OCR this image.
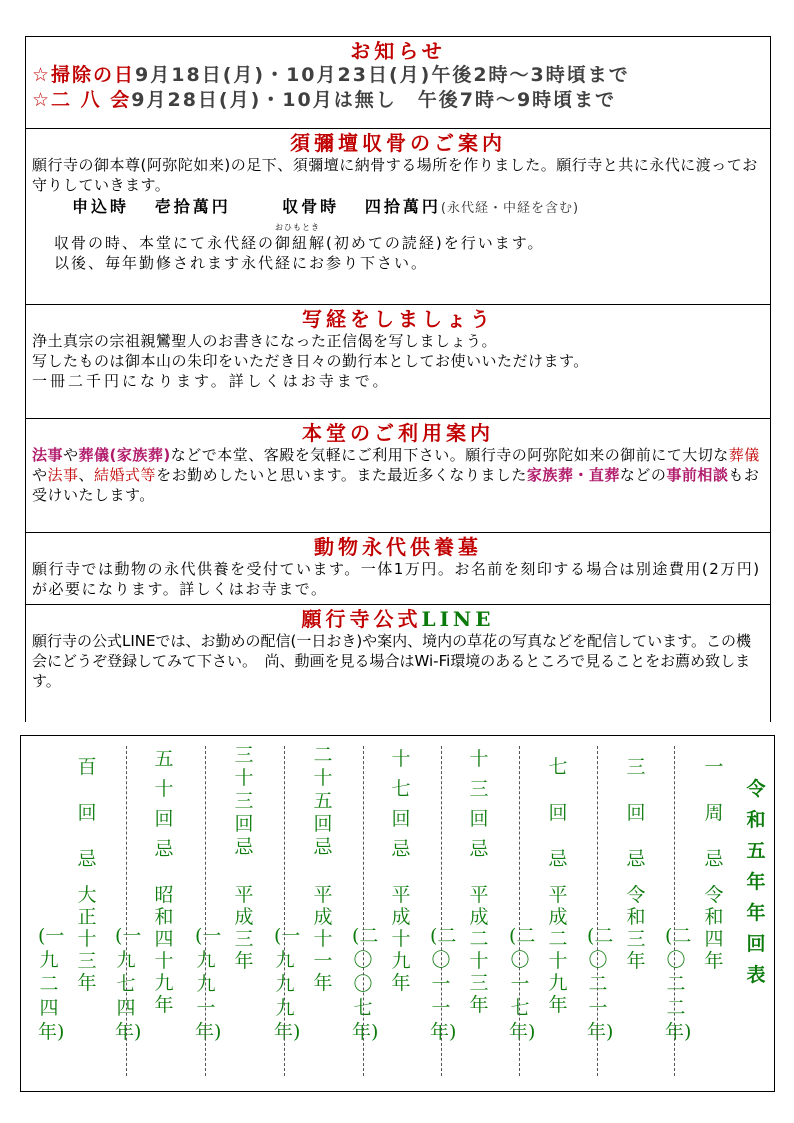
お知らせ
☆掃除の日9月18日(月)・10月23日(月)午後2時～3時頃まで
☆二 八 会9月28日(月)・10月は無し　午後7時～9時頃まで
須彌壇収骨のご案内
願行寺の御本尊(阿弥陀如来)の足下、須彌壇に納骨する場所を作りました。願行寺と共に永代に渡ってお守りしていきます。
申込時 壱拾萬円	収骨時 四拾萬円(永代経・中経を含む)
収骨の時、本堂にて永代経の
おひもとき
御紐解(初めての読経)を行います。
以後、毎年勤修されます永代経にお参り下さい。
写経をしましょう
浄土真宗の宗祖親鸞聖人のお書きになった正信偈を写しましょう。
写したものは御本山の朱印をいただき日々の勤行本としてお使いいただけます。
一冊二千円になります。詳しくはお寺まで。
本堂のご利用案内
法事や葬儀(家族葬)などで本堂、客殿を気軽にご利用下さい。願行寺の阿弥陀如来の御前にて大切な葬儀や法事、結婚式等をお勤めしたいと思います。また最近多くなりました家族葬・直葬などの事前相談もお受けいたします。
動物永代供養墓
願行寺では動物の永代供養を受付ています。一体1万円。お名前を刻印する場合は別途費用(2万円)が必要になります。詳しくはお寺まで。
願行寺公式LINE
願行寺の公式LINEでは、お勤めの配信(一日おき)や案内、境内の草花の写真などを配信しています。この機会にどうぞ登録してみて下さい。　尚、動画を見る場合はWi-Fi環境のあるところで見ることをお薦め致します。
令和五年　年回表
一周忌
令和四年
(二〇二二年)
三回忌
令和三年
(二〇二一年)
七回忌
平成二十九年
(二〇一七年)
十三回忌
平成二十三年
(二〇一一年)
十七回忌
平成十九年
(二〇〇七年)
二十五回忌
平成十一年
(一九九九年)
三十三回忌
平成三年
(一九九一年)
五十回忌
昭和四十九年
(一九七四年)
百回忌
大正十三年
(一九二四年)
